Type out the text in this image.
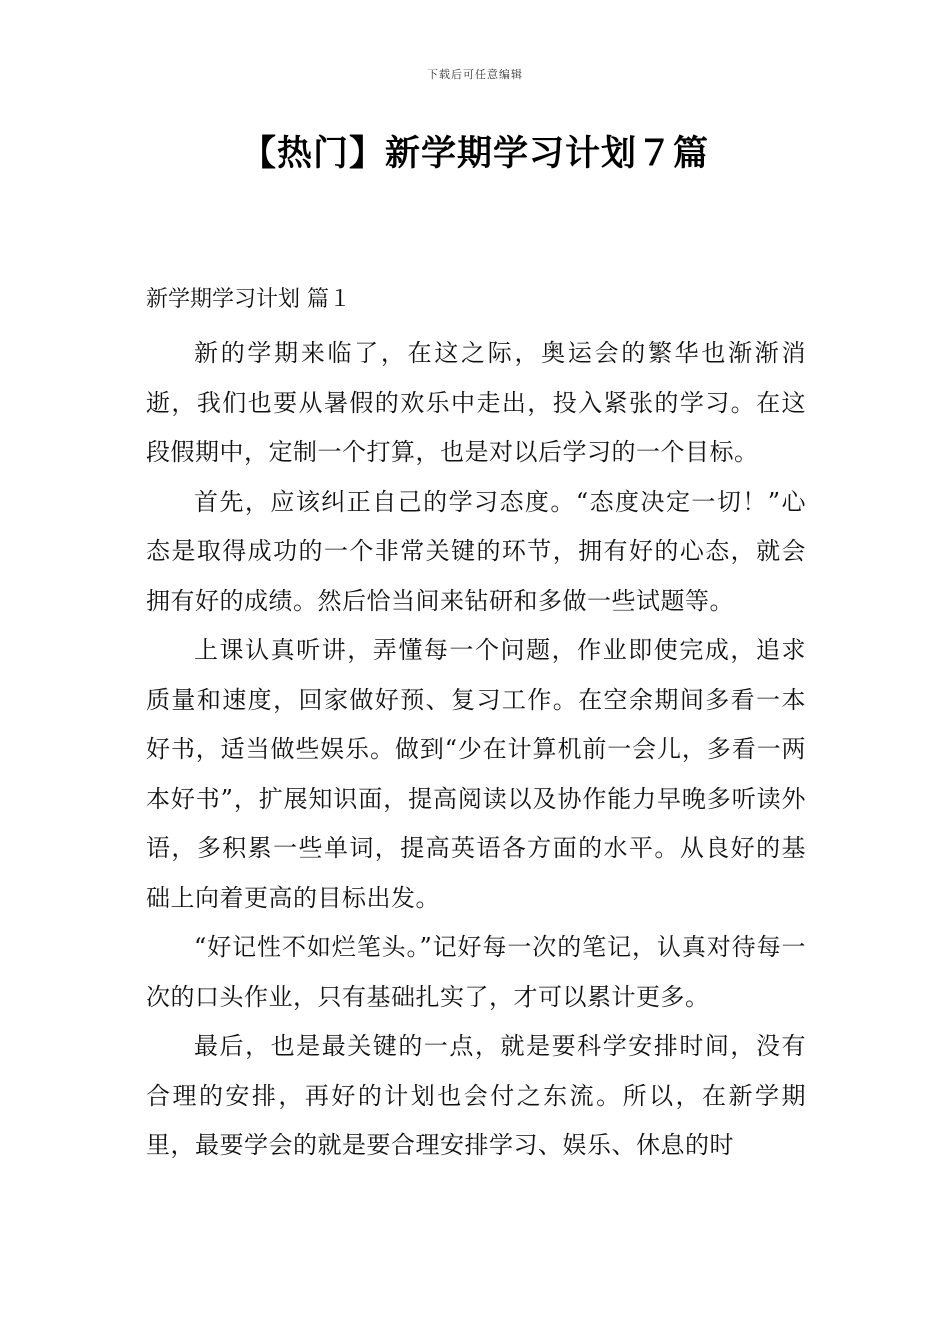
下载后可任意编辑
【热门】新学期学习计划７篇
新学期学习计划 篇１

新的学期来临了，在这之际，奥运会的繁华也渐渐消逝，我们也要从暑假的欢乐中走出，投入紧张的学习。在这段假期中，定制一个打算，也是对以后学习的一个目标。

首先，应该纠正自己的学习态度。“态度决定一切！”心态是取得成功的一个非常关键的环节，拥有好的心态，就会拥有好的成绩。然后恰当间来钻研和多做一些试题等。

上课认真听讲，弄懂每一个问题，作业即使完成，追求质量和速度，回家做好预、复习工作。在空余期间多看一本好书，适当做些娱乐。做到“少在计算机前一会儿，多看一两本好书”，扩展知识面，提高阅读以及协作能力早晚多听读外语，多积累一些单词，提高英语各方面的水平。从良好的基础上向着更高的目标出发。

“好记性不如烂笔头。”记好每一次的笔记，认真对待每一次的口头作业，只有基础扎实了，才可以累计更多。

最后，也是最关键的一点，就是要科学安排时间，没有合理的安排，再好的计划也会付之东流。所以，在新学期里，最要学会的就是要合理安排学习、娱乐、休息的时
